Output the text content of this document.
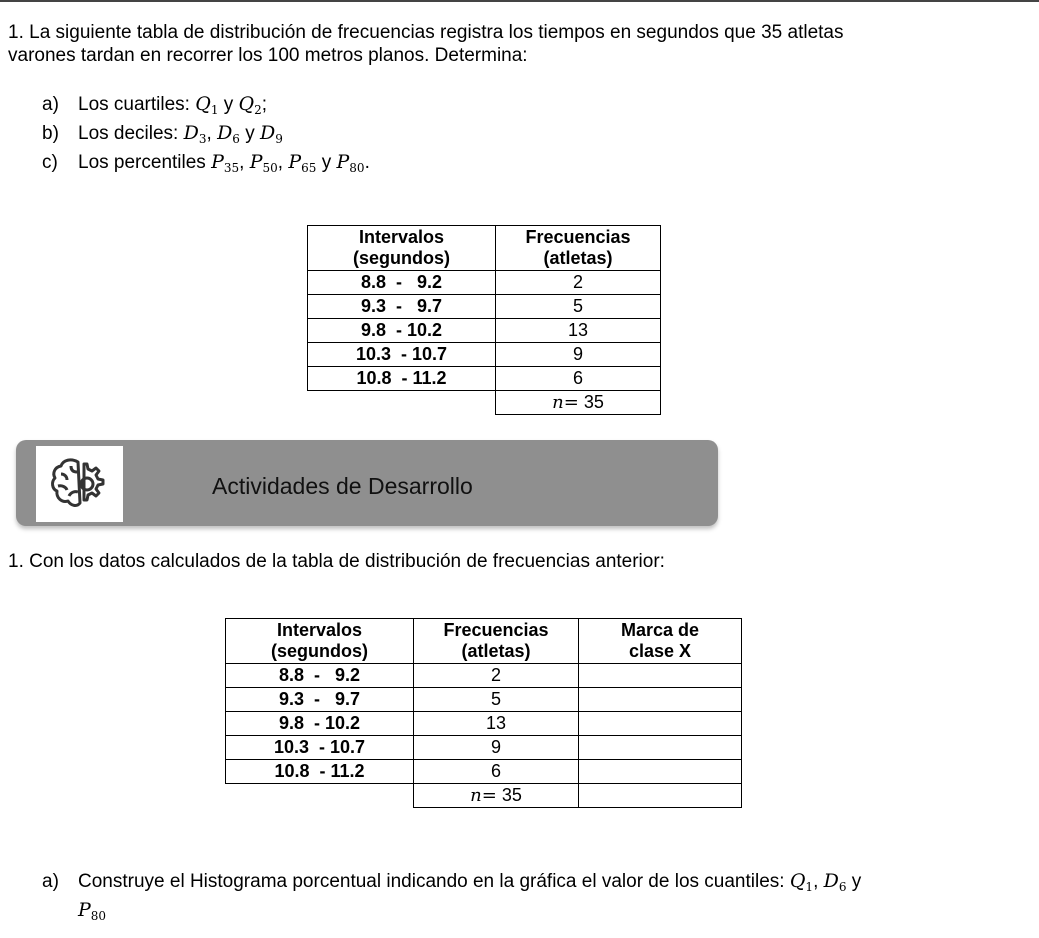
1. La siguiente tabla de distribución de frecuencias registra los tiempos en segundos que 35 atletas
varones tardan en recorrer los 100 metros planos. Determina:
a) Los cuartiles: $Q_1$ y $Q_2$;
b) Los deciles: $D_3$, $D_6$ y $D_9$
c) Los percentiles $P_{35}$, $P_{50}$, $P_{65}$ y $P_{80}$.
Intervalos
(segundos)	Frecuencias
(atletas)
8.8  -   9.2	2
9.3  -   9.7	5
9.8  - 10.2	13
10.3  - 10.7	9
10.8  - 11.2	6
	n= 35
Actividades de Desarrollo
1. Con los datos calculados de la tabla de distribución de frecuencias anterior:
Intervalos
(segundos)	Frecuencias
(atletas)	Marca de
clase X
8.8  -   9.2	2	
9.3  -   9.7	5	
9.8  - 10.2	13	
10.3  - 10.7	9	
10.8  - 11.2	6	
	n= 35	
a) Construye el Histograma porcentual indicando en la gráfica el valor de los cuantiles: $Q_1$, $D_6$ y
$P_{80}$
